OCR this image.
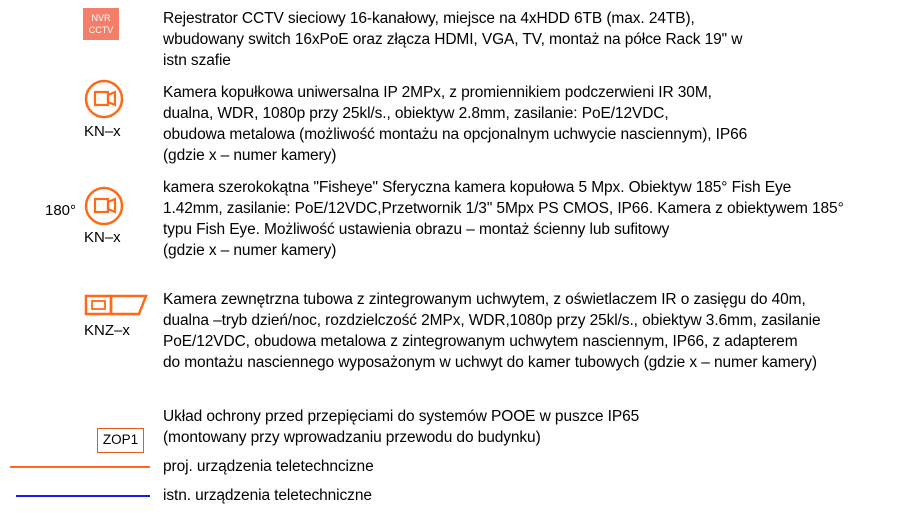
NVR
CCTV
Rejestrator CCTV sieciowy 16-kanałowy, miejsce na 4xHDD 6TB (max. 24TB),
wbudowany switch 16xPoE oraz złącza HDMI, VGA, TV, montaż na półce Rack 19" w
istn szafie
KN–x
Kamera kopułkowa uniwersalna IP 2MPx, z promiennikiem podczerwieni IR 30M,
dualna, WDR, 1080p przy 25kl/s., obiektyw 2.8mm, zasilanie: PoE/12VDC,
obudowa metalowa (możliwość montażu na opcjonalnym uchwycie nasciennym), IP66
(gdzie x – numer kamery)
180°
KN–x
kamera szerokokątna "Fisheye" Sferyczna kamera kopułowa 5 Mpx. Obiektyw 185° Fish Eye
1.42mm, zasilanie: PoE/12VDC,Przetwornik 1/3" 5Mpx PS CMOS, IP66. Kamera z obiektywem 185°
typu Fish Eye. Możliwość ustawienia obrazu – montaż ścienny lub sufitowy
(gdzie x – numer kamery)
KNZ–x
Kamera zewnętrzna tubowa z zintegrowanym uchwytem, z oświetlaczem IR o zasięgu do 40m,
dualna –tryb dzień/noc, rozdzielczość 2MPx, WDR,1080p przy 25kl/s., obiektyw 3.6mm, zasilanie
PoE/12VDC, obudowa metalowa z zintegrowanym uchwytem nasciennym, IP66, z adapterem
do montażu nasciennego wyposażonym w uchwyt do kamer tubowych (gdzie x – numer kamery)
ZOP1
Układ ochrony przed przepięciami do systemów POOE w puszce IP65
(montowany przy wprowadzaniu przewodu do budynku)
proj. urządzenia teletechncizne
istn. urządzenia teletechniczne
